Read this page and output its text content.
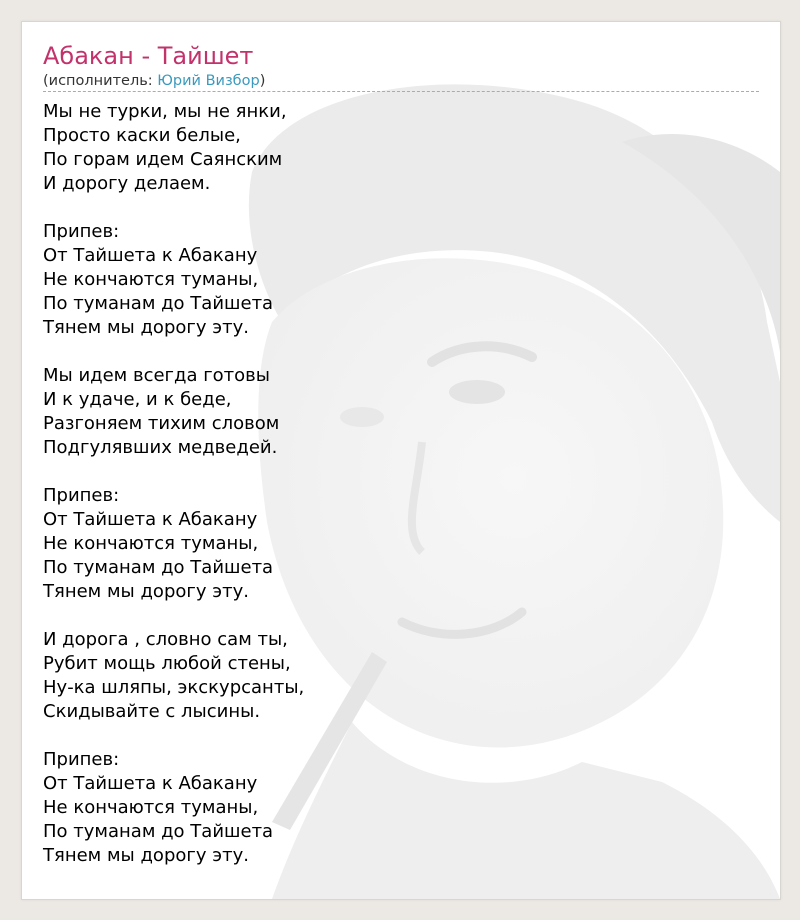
Абакан - Тайшет
(исполнитель: Юрий Визбор)
Мы не турки, мы не янки,
Просто каски белые,
По горам идем Саянским
И дорогу делаем.
Припев:
От Тайшета к Абакану
Не кончаются туманы,
По туманам до Тайшета
Тянем мы дорогу эту.
Мы идем всегда готовы
И к удаче, и к беде,
Разгоняем тихим словом
Подгулявших медведей.
Припев:
От Тайшета к Абакану
Не кончаются туманы,
По туманам до Тайшета
Тянем мы дорогу эту.
И дорога , словно сам ты,
Рубит мощь любой стены,
Ну-ка шляпы, экскурсанты,
Скидывайте с лысины.
Припев:
От Тайшета к Абакану
Не кончаются туманы,
По туманам до Тайшета
Тянем мы дорогу эту.
